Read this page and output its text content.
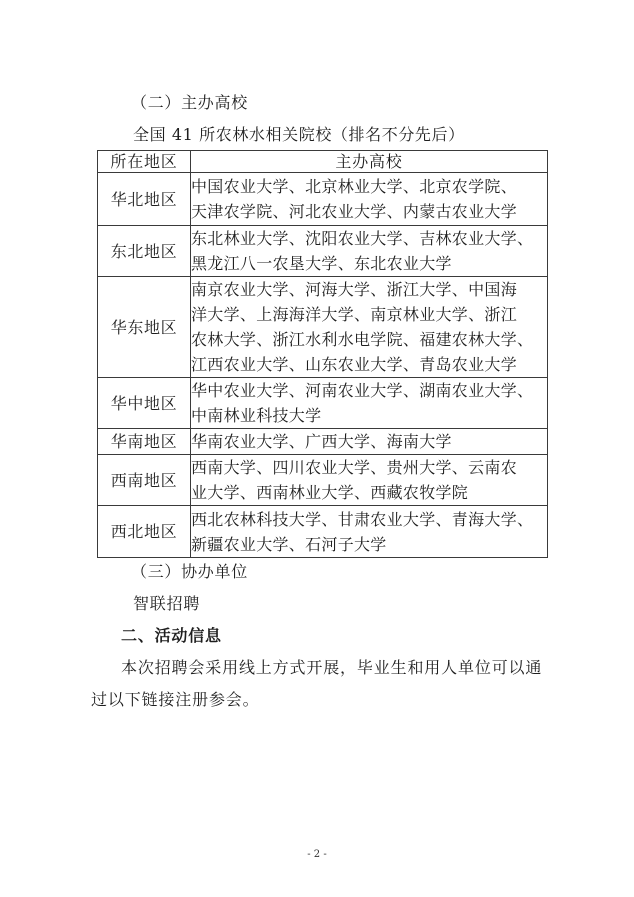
（二）主办高校
全国 41 所农林水相关院校（排名不分先后）
所在地区	主办高校
华北地区	中国农业大学、北京林业大学、北京农学院、
天津农学院、河北农业大学、内蒙古农业大学

东北地区	东北林业大学、沈阳农业大学、吉林农业大学、
黑龙江八一农垦大学、东北农业大学

华东地区	南京农业大学、河海大学、浙江大学、中国海
洋大学、上海海洋大学、南京林业大学、浙江
农林大学、浙江水利水电学院、福建农林大学、
江西农业大学、山东农业大学、青岛农业大学

华中地区	华中农业大学、河南农业大学、湖南农业大学、
中南林业科技大学

华南地区	华南农业大学、广西大学、海南大学

西南地区	西南大学、四川农业大学、贵州大学、云南农
业大学、西南林业大学、西藏农牧学院

西北地区	西北农林科技大学、甘肃农业大学、青海大学、
新疆农业大学、石河子大学
（三）协办单位
智联招聘
二、活动信息
本次招聘会采用线上方式开展，毕业生和用人单位可以通
过以下链接注册参会。
- 2 -
